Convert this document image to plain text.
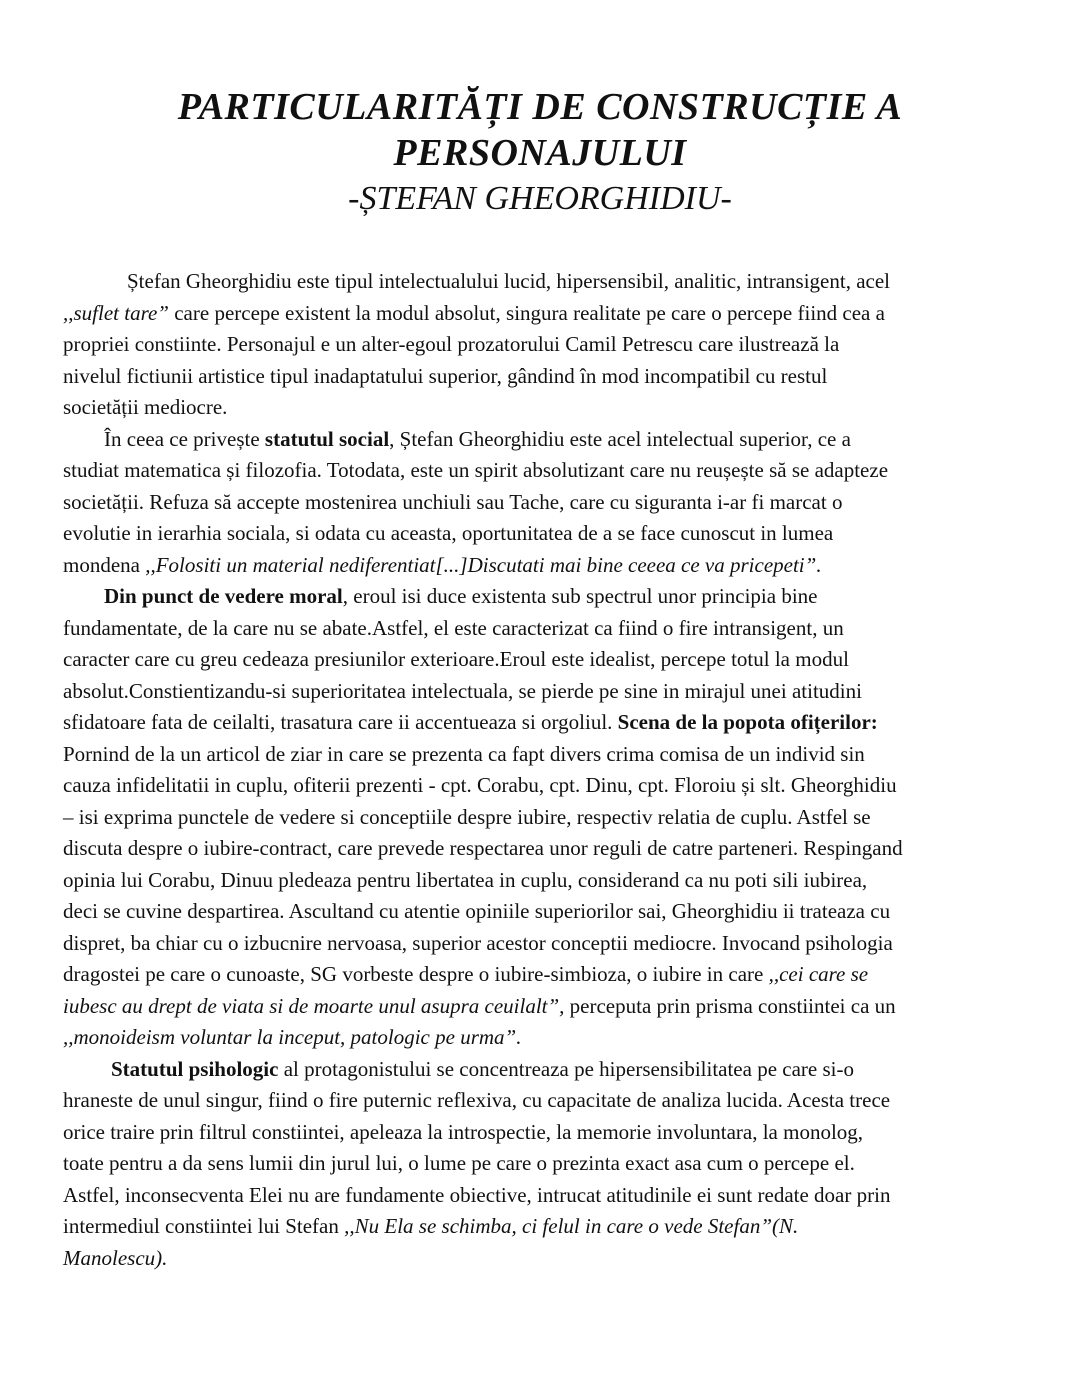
PARTICULARITĂȚI DE CONSTRUCȚIE A
PERSONAJULUI
-ȘTEFAN GHEORGHIDIU-
Ștefan Gheorghidiu este tipul intelectualului lucid, hipersensibil, analitic, intransigent, acel
,,suflet tare” care percepe existent la modul absolut, singura realitate pe care o percepe fiind cea a
propriei constiinte. Personajul e un alter-egoul prozatorului Camil Petrescu care ilustrează la
nivelul fictiunii artistice tipul inadaptatului superior, gândind în mod incompatibil cu restul
societății mediocre.
În ceea ce privește statutul social, Ștefan Gheorghidiu este acel intelectual superior, ce a
studiat matematica și filozofia. Totodata, este un spirit absolutizant care nu reușește să se adapteze
societății. Refuza să accepte mostenirea unchiuli sau Tache, care cu siguranta i-ar fi marcat o
evolutie in ierarhia sociala, si odata cu aceasta, oportunitatea de a se face cunoscut in lumea
mondena ,,Folositi un material nediferentiat[...]Discutati mai bine ceeea ce va pricepeti”.
Din punct de vedere moral, eroul isi duce existenta sub spectrul unor principia bine
fundamentate, de la care nu se abate.Astfel, el este caracterizat ca fiind o fire intransigent, un
caracter care cu greu cedeaza presiunilor exterioare.Eroul este idealist, percepe totul la modul
absolut.Constientizandu-si superioritatea intelectuala, se pierde pe sine in mirajul unei atitudini
sfidatoare fata de ceilalti, trasatura care ii accentueaza si orgoliul. Scena de la popota ofițerilor:
Pornind de la un articol de ziar in care se prezenta ca fapt divers crima comisa de un individ sin
cauza infidelitatii in cuplu, ofiterii prezenti - cpt. Corabu, cpt. Dinu, cpt. Floroiu și slt. Gheorghidiu
– isi exprima punctele de vedere si conceptiile despre iubire, respectiv relatia de cuplu. Astfel se
discuta despre o iubire-contract, care prevede respectarea unor reguli de catre parteneri. Respingand
opinia lui Corabu, Dinuu pledeaza pentru libertatea in cuplu, considerand ca nu poti sili iubirea,
deci se cuvine despartirea. Ascultand cu atentie opiniile superiorilor sai, Gheorghidiu ii trateaza cu
dispret, ba chiar cu o izbucnire nervoasa, superior acestor conceptii mediocre. Invocand psihologia
dragostei pe care o cunoaste, SG vorbeste despre o iubire-simbioza, o iubire in care ,,cei care se
iubesc au drept de viata si de moarte unul asupra ceuilalt”, perceputa prin prisma constiintei ca un
,,monoideism voluntar la inceput, patologic pe urma”.
Statutul psihologic al protagonistului se concentreaza pe hipersensibilitatea pe care si-o
hraneste de unul singur, fiind o fire puternic reflexiva, cu capacitate de analiza lucida. Acesta trece
orice traire prin filtrul constiintei, apeleaza la introspectie, la memorie involuntara, la monolog,
toate pentru a da sens lumii din jurul lui, o lume pe care o prezinta exact asa cum o percepe el.
Astfel, inconsecventa Elei nu are fundamente obiective, intrucat atitudinile ei sunt redate doar prin
intermediul constiintei lui Stefan ,,Nu Ela se schimba, ci felul in care o vede Stefan”(N.
Manolescu).
